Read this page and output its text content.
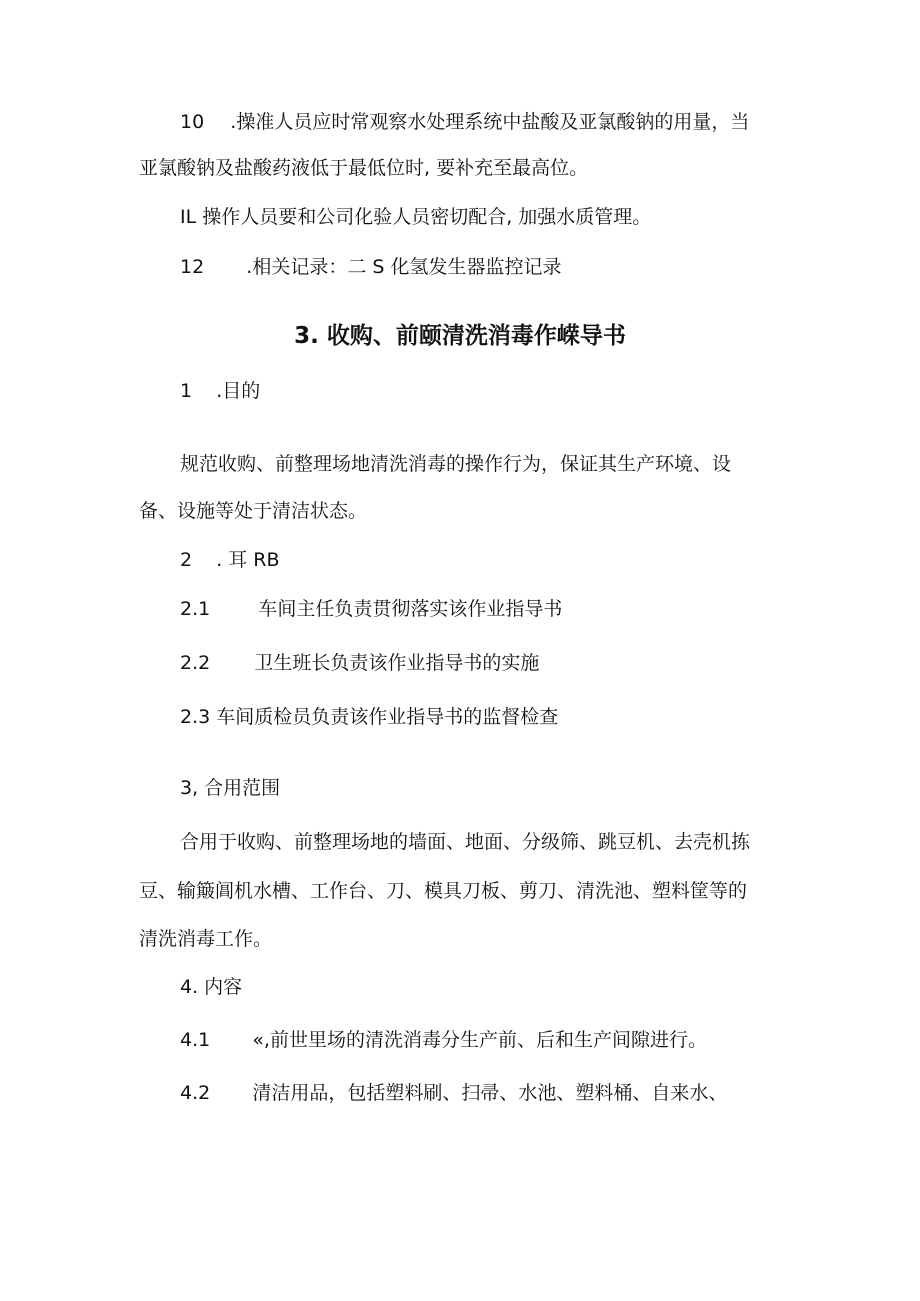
10 .操准人员应时常观察水处理系统中盐酸及亚氯酸钠的用量，当

亚氯酸钠及盐酸药液低于最低位时, 要补充至最高位。

IL 操作人员要和公司化验人员密切配合, 加强水质管理。

12 .相关记录：二 S 化氢发生器监控记录

3. 收购、前颐清洗消毒作嵘导书

1 .目的

规范收购、前整理场地清洗消毒的操作行为，保证其生产环境、设

备、设施等处于清洁状态。

2 . 耳 RB

2.1	车间主任负责贯彻落实该作业指导书

2.2 卫生班长负责该作业指导书的实施

2.3 车间质检员负责该作业指导书的监督检查

3, 合用范围

合用于收购、前整理场地的墙面、地面、分级筛、跳豆机、去壳机拣

豆、输簸阊机水槽、工作台、刀、模具刀板、剪刀、清洗池、塑料筐等的

清洗消毒工作。

4. 内容

4.1 «,前世里场的清洗消毒分生产前、后和生产间隙进行。

4.2 清洁用品，包括塑料刷、扫帚、水池、塑料桶、自来水、
